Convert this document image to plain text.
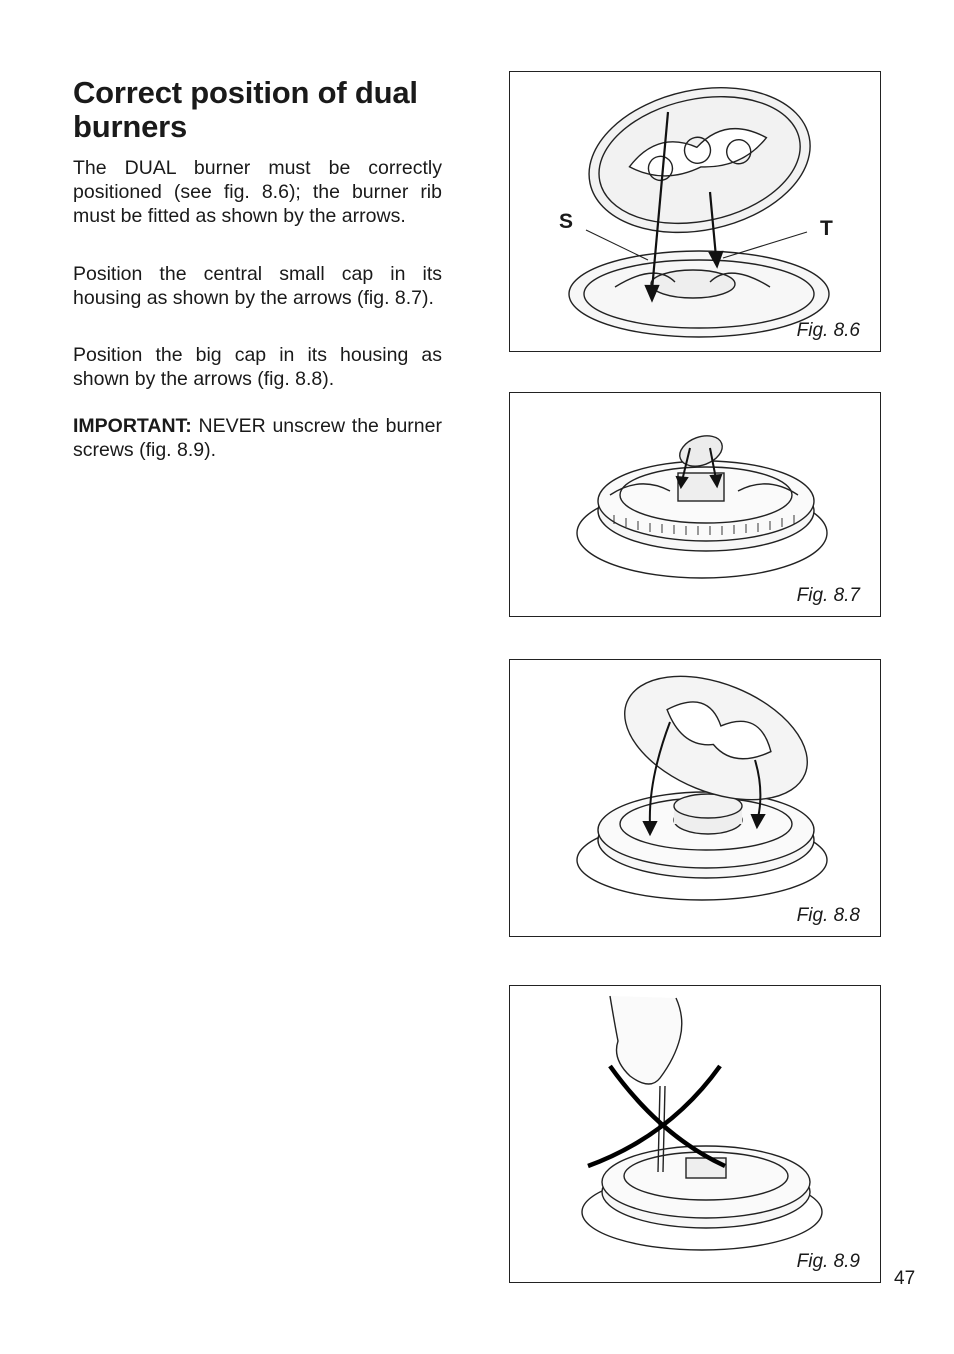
Correct position of dual burners

The DUAL burner must be correctly positioned (see fig. 8.6); the burner rib must be fitted as shown by the arrows.

Position the central small cap in its housing as shown by the arrows (fig. 8.7).

Position the big cap in its housing as shown by the arrows (fig. 8.8).

IMPORTANT: NEVER unscrew the burner screws (fig. 8.9).

S	T
Fig. 8.6
Fig. 8.7
Fig. 8.8
Fig. 8.9
47
